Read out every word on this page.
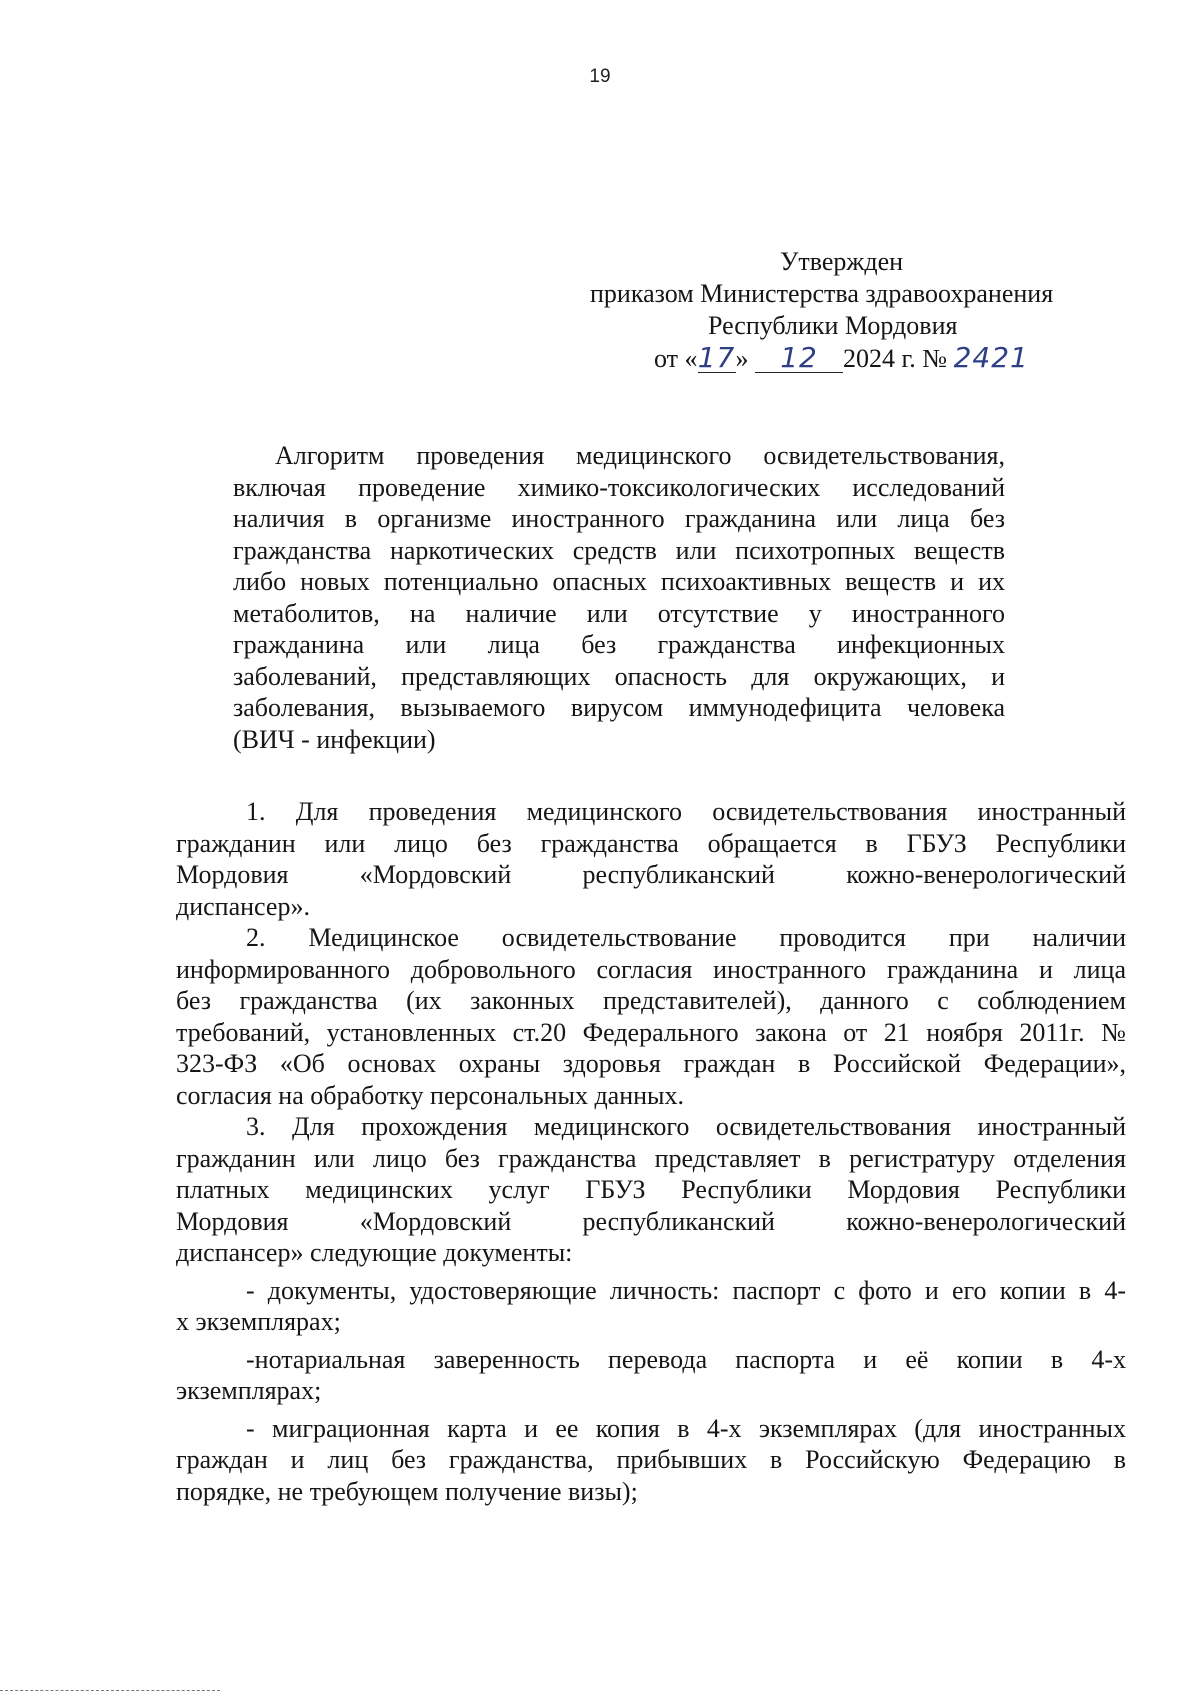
19
Утвержден
приказом Министерства здравоохранения
Республики Мордовия
от «17» 12 2024 г. № 2421
Алгоритм проведения медицинского освидетельствования,
включая проведение химико-токсикологических исследований
наличия в организме иностранного гражданина или лица без
гражданства наркотических средств или психотропных веществ
либо новых потенциально опасных психоактивных веществ и их
метаболитов, на наличие или отсутствие у иностранного
гражданина или лица без гражданства инфекционных
заболеваний, представляющих опасность для окружающих, и
заболевания, вызываемого вирусом иммунодефицита человека
(ВИЧ - инфекции)

1. Для проведения медицинского освидетельствования иностранный
гражданин или лицо без гражданства обращается в ГБУЗ Республики
Мордовия «Мордовский республиканский кожно-венерологический
диспансер».

2. Медицинское освидетельствование проводится при наличии
информированного добровольного согласия иностранного гражданина и лица
без гражданства (их законных представителей), данного с соблюдением
требований, установленных ст.20 Федерального закона от 21 ноября 2011г. №
323-ФЗ «Об основах охраны здоровья граждан в Российской Федерации»,
согласия на обработку персональных данных.

3. Для прохождения медицинского освидетельствования иностранный
гражданин или лицо без гражданства представляет в регистратуру отделения
платных медицинских услуг ГБУЗ Республики Мордовия Республики
Мордовия «Мордовский республиканский кожно-венерологический
диспансер» следующие документы:

- документы, удостоверяющие личность: паспорт с фото и его копии в 4-
х экземплярах;

-нотариальная заверенность перевода паспорта и её копии в 4-х
экземплярах;

- миграционная карта и ее копия в 4-х экземплярах (для иностранных
граждан и лиц без гражданства, прибывших в Российскую Федерацию в
порядке, не требующем получение визы);
